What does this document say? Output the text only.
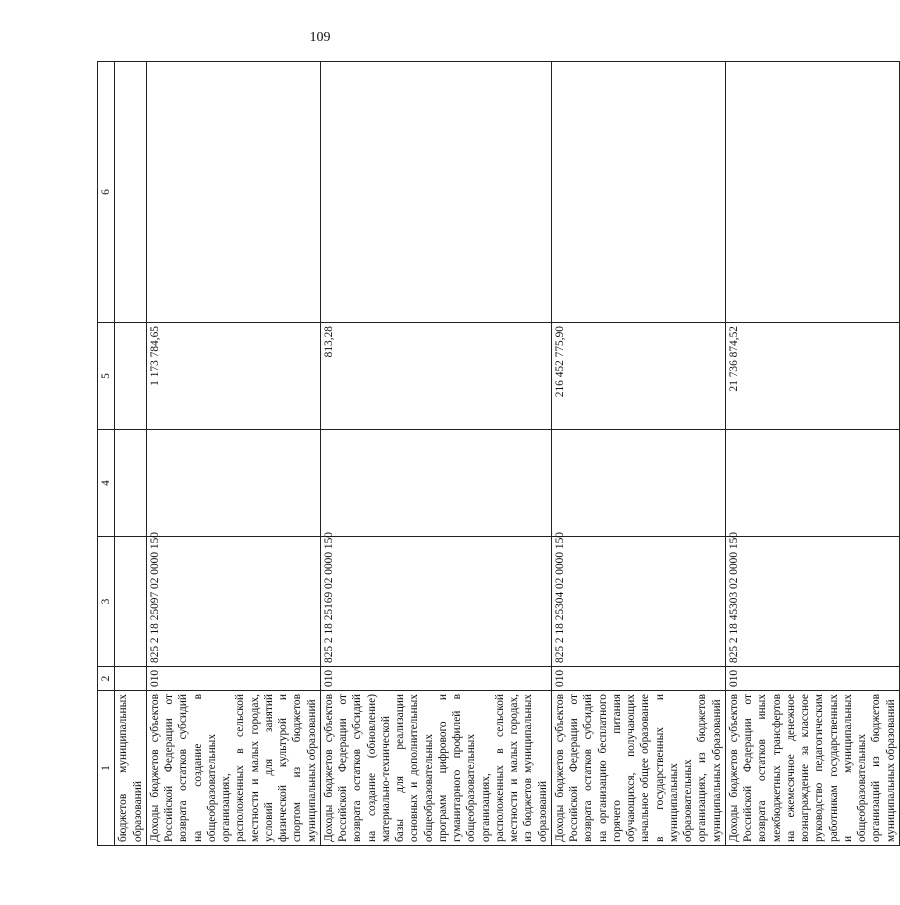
109
1	2	3	4	5	6
бюджетов муниципальных образований					
Доходы бюджетов субъектов Российской Федерации от возврата остатков субсидий на создание в общеобразовательных организациях, расположенных в сельской местности и малых городах, условий для занятий физической культурой и спортом из бюджетов муниципальных образований	010	825 2 18 25097 02 0000 150		1 173 784,65	
Доходы бюджетов субъектов Российской Федерации от возврата остатков субсидий на создание (обновление) материально-технической базы для реализации основных и дополнительных общеобразовательных программ цифрового и гуманитарного профилей в общеобразовательных организациях, расположенных в сельской местности и малых городах, из бюджетов муниципальных образований	010	825 2 18 25169 02 0000 150		813,28	
Доходы бюджетов субъектов Российской Федерации от возврата остатков субсидий на организацию бесплатного горячего питания обучающихся, получающих начальное общее образование в государственных и муниципальных образовательных организациях, из бюджетов муниципальных образований	010	825 2 18 25304 02 0000 150		216 452 775,90	
Доходы бюджетов субъектов Российской Федерации от возврата остатков иных межбюджетных трансфертов на ежемесячное денежное вознаграждение за классное руководство педагогическим работникам государственных и муниципальных общеобразовательных организаций из бюджетов муниципальных образований	010	825 2 18 45303 02 0000 150		21 736 874,52	
